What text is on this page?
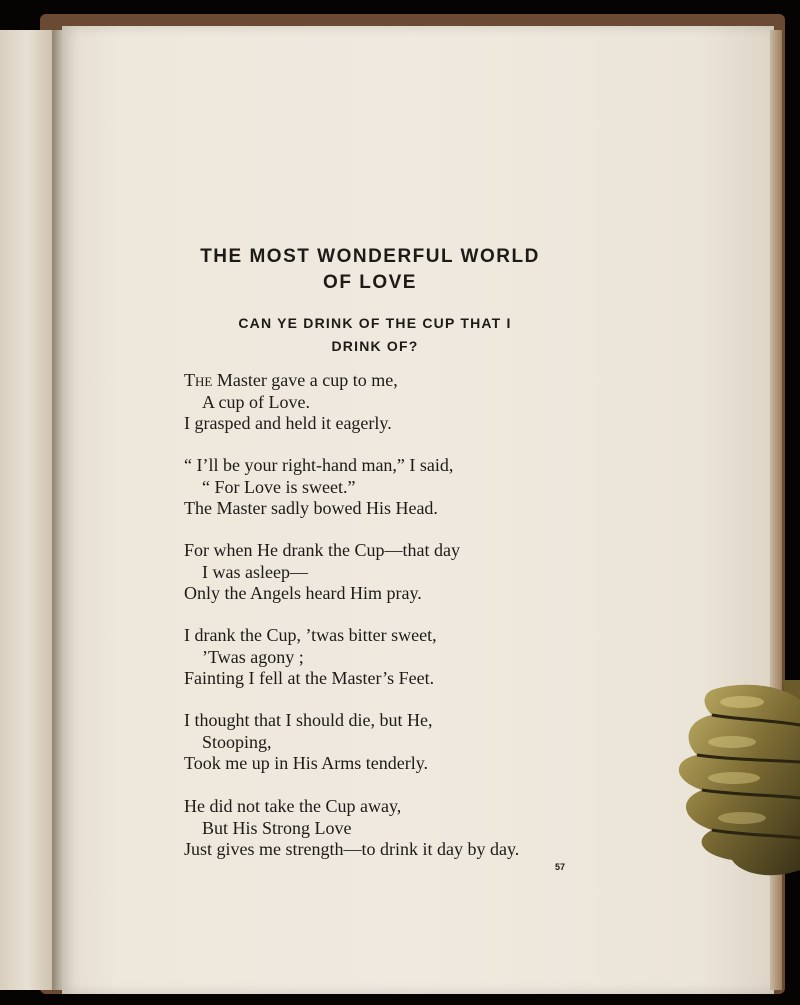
THE MOST WONDERFUL WORLD
OF LOVE
CAN YE DRINK OF THE CUP THAT I
DRINK OF?
The Master gave a cup to me,
A cup of Love.
I grasped and held it eagerly.
“ I’ll be your right-hand man,” I said,
“ For Love is sweet.”
The Master sadly bowed His Head.
For when He drank the Cup—that day
I was asleep—
Only the Angels heard Him pray.
I drank the Cup, ’twas bitter sweet,
’Twas agony ;
Fainting I fell at the Master’s Feet.
I thought that I should die, but He,
Stooping,
Took me up in His Arms tenderly.
He did not take the Cup away,
But His Strong Love
Just gives me strength—to drink it day by day.
57
